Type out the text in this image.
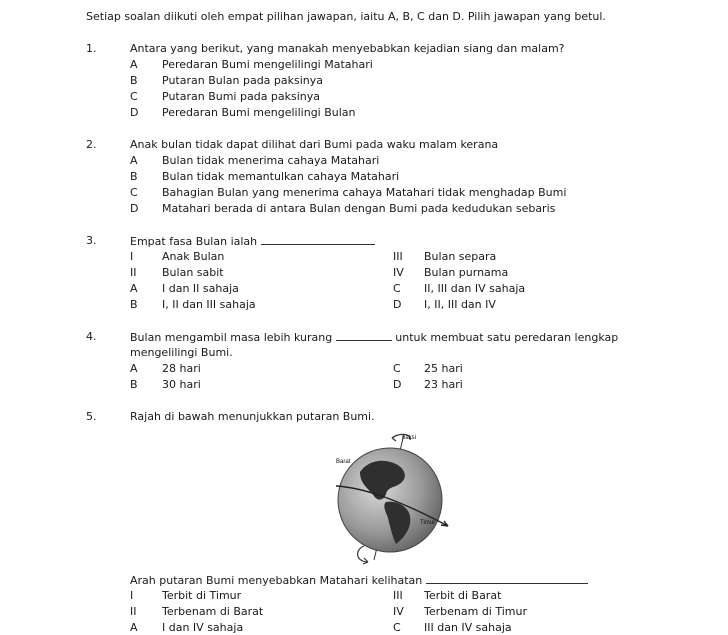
Setiap soalan diikuti oleh empat pilihan jawapan, iaitu A, B, C dan D. Pilih jawapan yang betul.
1.	Antara yang berikut, yang manakah menyebabkan kejadian siang dan malam?
A Peredaran Bumi mengelilingi Matahari
B Putaran Bulan pada paksinya
C Putaran Bumi pada paksinya
D Peredaran Bumi mengelilingi Bulan
2.	Anak bulan tidak dapat dilihat dari Bumi pada waku malam kerana
A Bulan tidak menerima cahaya Matahari
B Bulan tidak memantulkan cahaya Matahari
C Bahagian Bulan yang menerima cahaya Matahari tidak menghadap Bumi
D Matahari berada di antara Bulan dengan Bumi pada kedudukan sebaris
3.	Empat fasa Bulan ialah
I	Anak Bulan	III Bulan separa
II Bulan sabit	IV Bulan purnama
A I dan II sahaja	C II, III dan IV sahaja
B I, II dan III sahaja	D I, II, III dan IV
4.	Bulan mengambil masa lebih kurang	untuk membuat satu peredaran lengkap
mengelilingi Bumi.
A 28 hari	C 25 hari
B 30 hari	D 23 hari
5.	Rajah di bawah menunjukkan putaran Bumi.
paksi
Barat
Timur
Arah putaran Bumi menyebabkan Matahari kelihatan
I	Terbit di Timur	III Terbit di Barat
II Terbenam di Barat	IV Terbenam di Timur
A I dan IV sahaja	C III dan IV sahaja
